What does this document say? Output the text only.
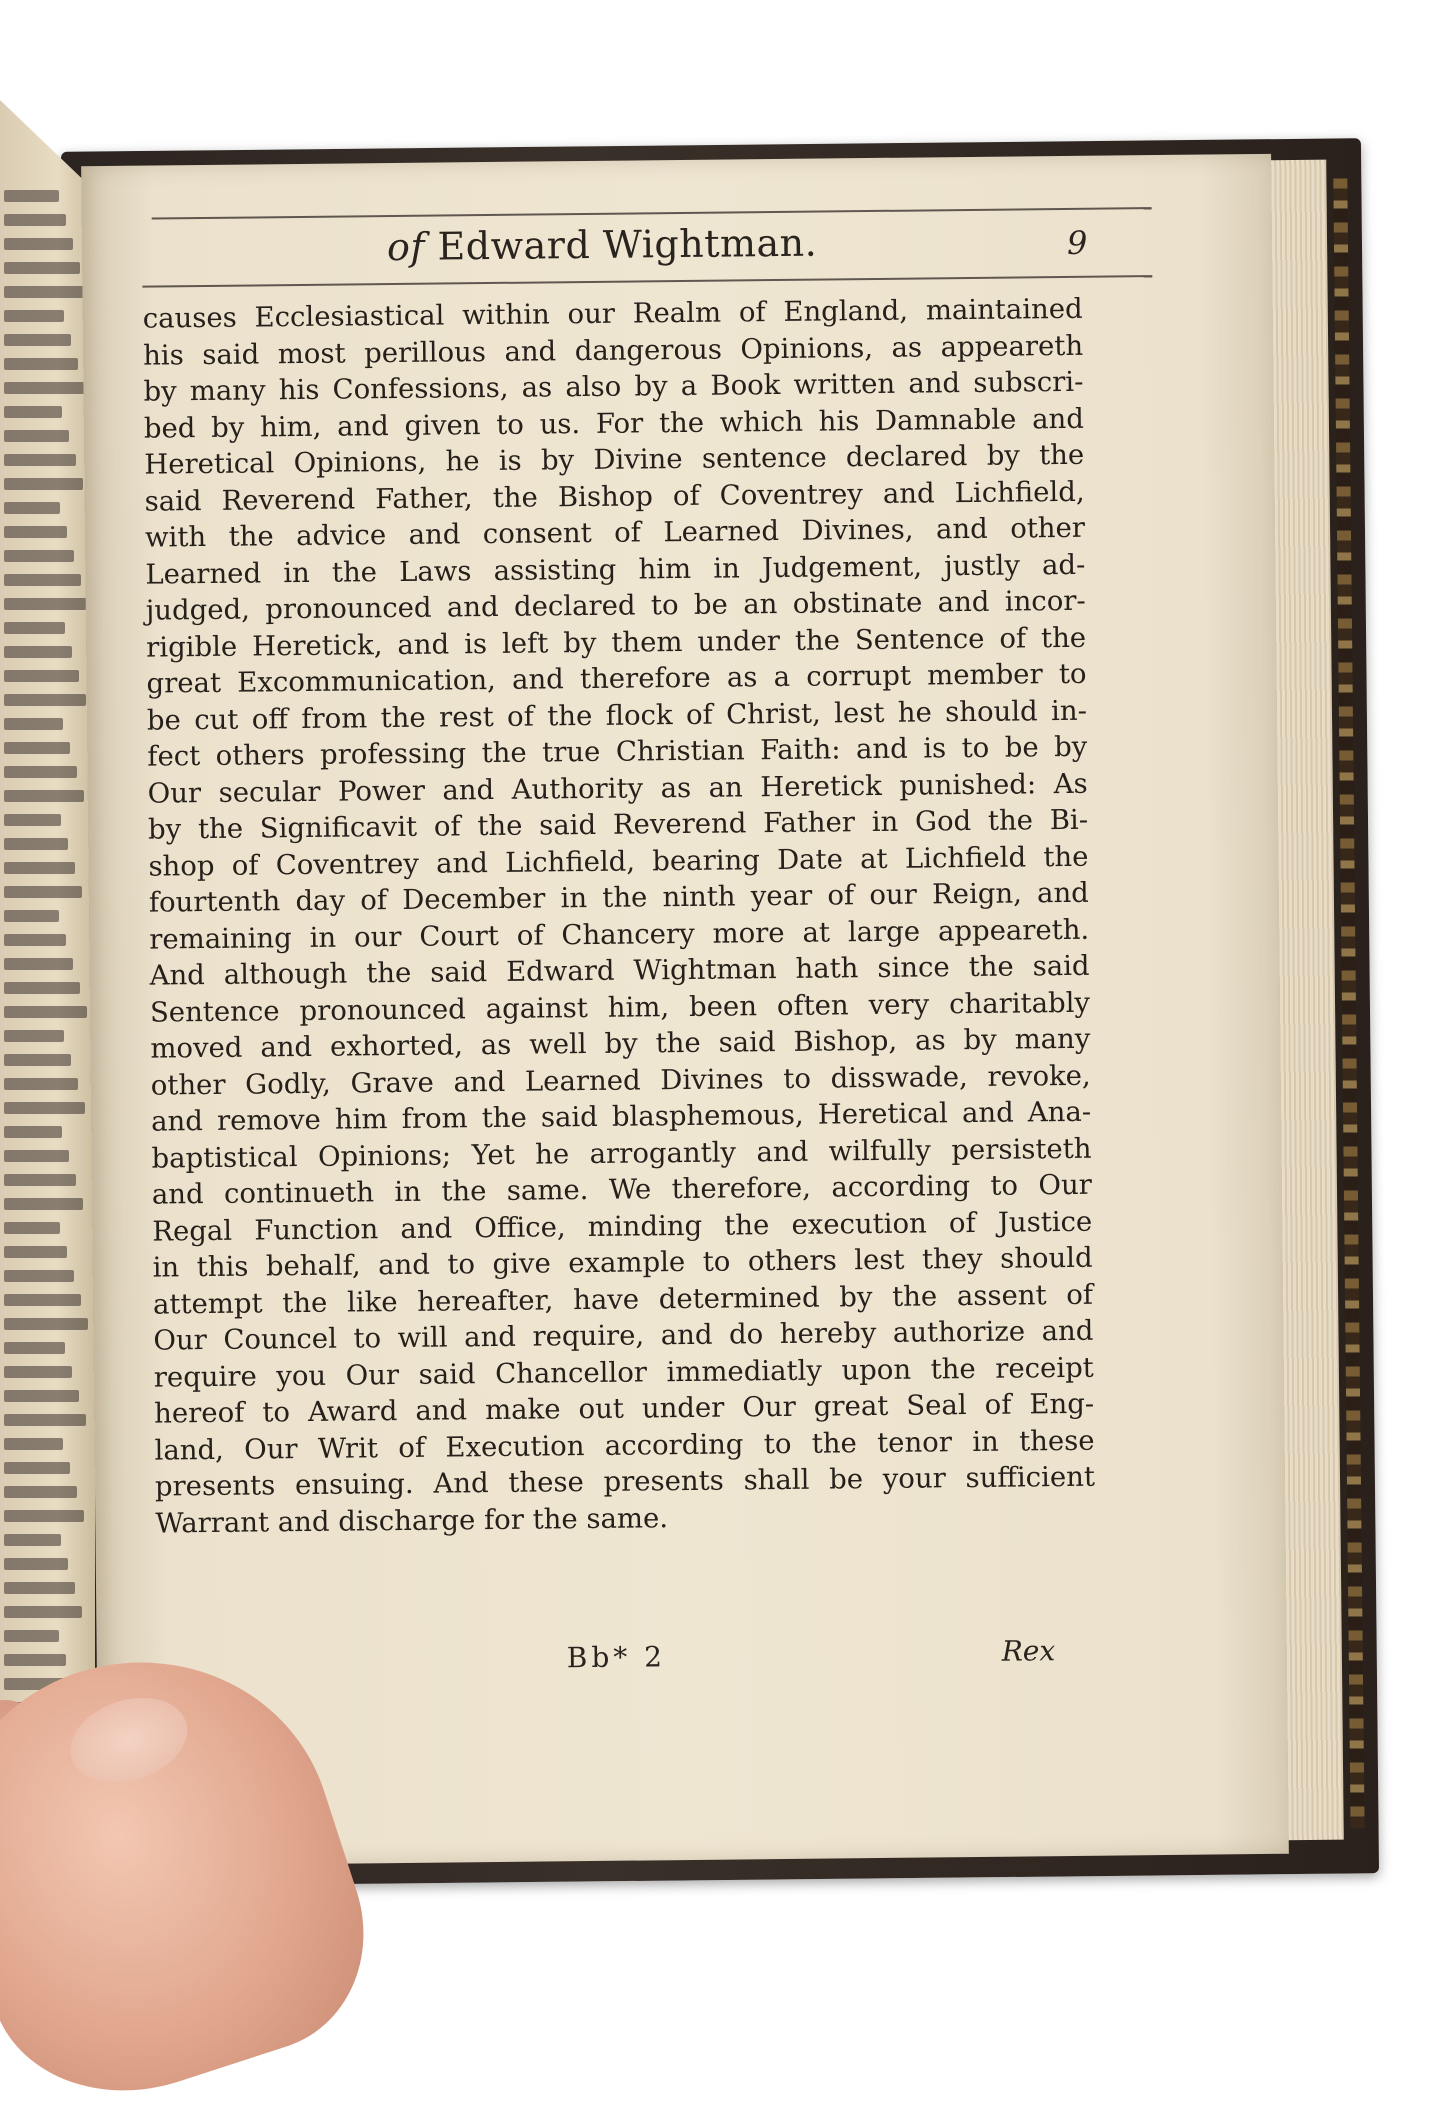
of Edward Wightman.	9
causes Ecclesiastical within our Realm of England, maintained
his said most perillous and dangerous Opinions, as appeareth
by many his Confessions, as also by a Book written and subscri-
bed by him, and given to us. For the which his Damnable and
Heretical Opinions, he is by Divine sentence declared by the
said Reverend Father, the Bishop of Coventrey and Lichfield,
with the advice and consent of Learned Divines, and other
Learned in the Laws assisting him in Judgement, justly ad-
judged, pronounced and declared to be an obstinate and incor-
rigible Heretick, and is left by them under the Sentence of the
great Excommunication, and therefore as a corrupt member to
be cut off from the rest of the flock of Christ, lest he should in-
fect others professing the true Christian Faith: and is to be by
Our secular Power and Authority as an Heretick punished: As
by the Significavit of the said Reverend Father in God the Bi-
shop of Coventrey and Lichfield, bearing Date at Lichfield the
fourtenth day of December in the ninth year of our Reign, and
remaining in our Court of Chancery more at large appeareth.
And although the said Edward Wightman hath since the said
Sentence pronounced against him, been often very charitably
moved and exhorted, as well by the said Bishop, as by many
other Godly, Grave and Learned Divines to disswade, revoke,
and remove him from the said blasphemous, Heretical and Ana-
baptistical Opinions; Yet he arrogantly and wilfully persisteth
and continueth in the same. We therefore, according to Our
Regal Function and Office, minding the execution of Justice
in this behalf, and to give example to others lest they should
attempt the like hereafter, have determined by the assent of
Our Councel to will and require, and do hereby authorize and
require you Our said Chancellor immediatly upon the receipt
hereof to Award and make out under Our great Seal of Eng-
land, Our Writ of Execution according to the tenor in these
presents ensuing. And these presents shall be your sufficient
Warrant and discharge for the same.
Bb* 2	Rex
